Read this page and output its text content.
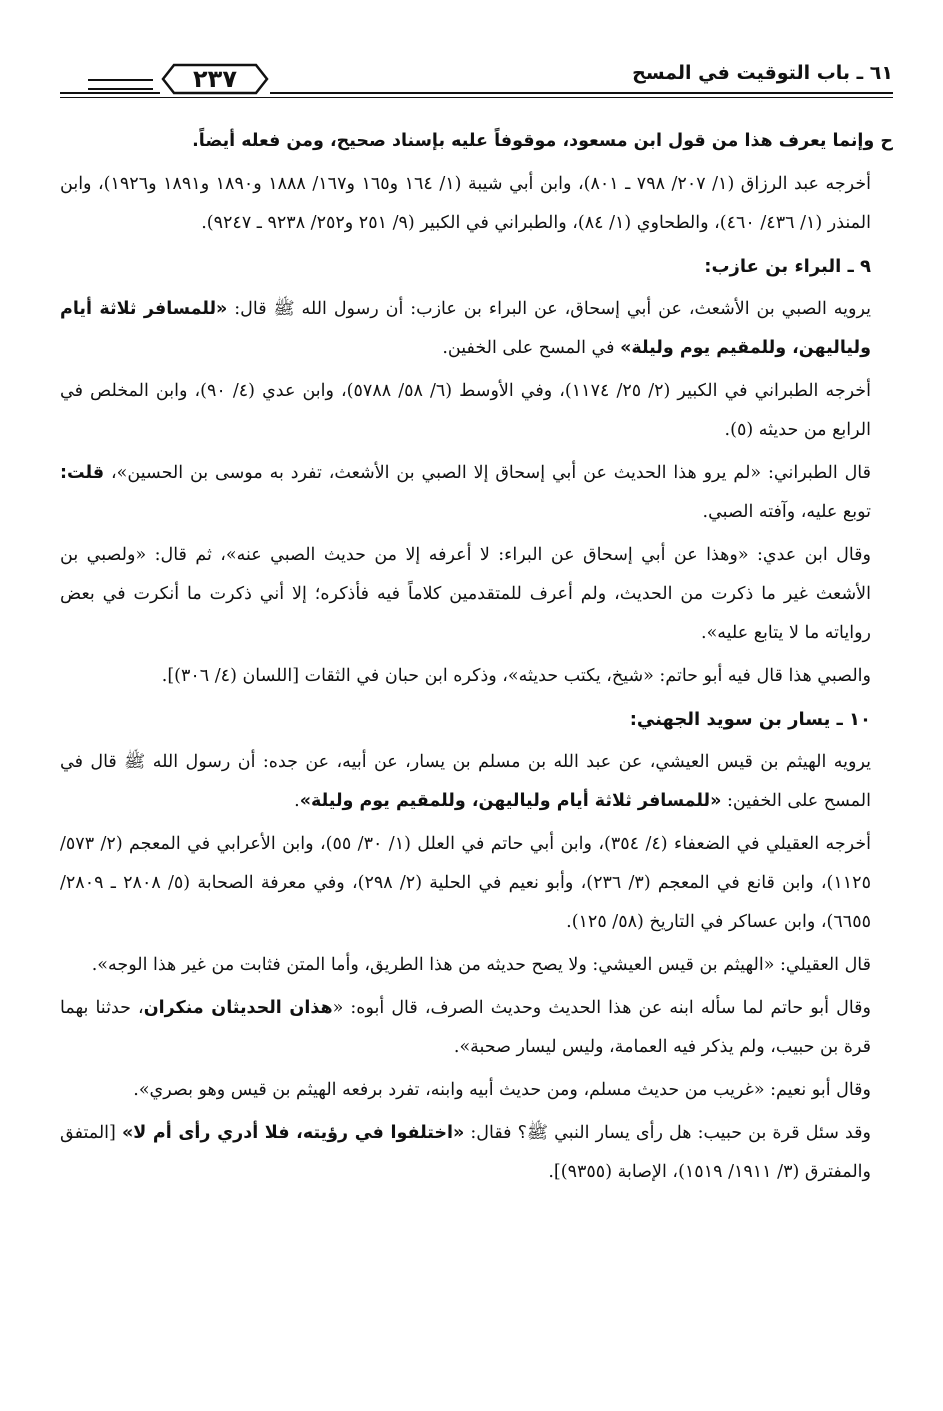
٦١ ـ باب التوقيت في المسح
٢٣٧

ح وإنما يعرف هذا من قول ابن مسعود، موقوفاً عليه بإسناد صحيح، ومن فعله أيضاً.

أخرجه عبد الرزاق (١/ ٢٠٧/ ٧٩٨ ـ ٨٠١)، وابن أبي شيبة (١/ ١٦٤ و١٦٥ و١٦٧/ ١٨٨٨ و١٨٩٠ و١٨٩١ و١٩٢٦)، وابن المنذر (١/ ٤٣٦/ ٤٦٠)، والطحاوي (١/ ٨٤)، والطبراني في الكبير (٩/ ٢٥١ و٢٥٢/ ٩٢٣٨ ـ ٩٢٤٧).

٩ ـ البراء بن عازب:

يرويه الصبي بن الأشعث، عن أبي إسحاق، عن البراء بن عازب: أن رسول الله ﷺ قال: «للمسافر ثلاثة أيام ولياليهن، وللمقيم يوم وليلة» في المسح على الخفين.

أخرجه الطبراني في الكبير (٢/ ٢٥/ ١١٧٤)، وفي الأوسط (٦/ ٥٨/ ٥٧٨٨)، وابن عدي (٤/ ٩٠)، وابن المخلص في الرابع من حديثه (٥).

قال الطبراني: «لم يرو هذا الحديث عن أبي إسحاق إلا الصبي بن الأشعث، تفرد به موسى بن الحسين»، قلت: توبع عليه، وآفته الصبي.

وقال ابن عدي: «وهذا عن أبي إسحاق عن البراء: لا أعرفه إلا من حديث الصبي عنه»، ثم قال: «ولصبي بن الأشعث غير ما ذكرت من الحديث، ولم أعرف للمتقدمين كلاماً فيه فأذكره؛ إلا أني ذكرت ما أنكرت في بعض رواياته ما لا يتابع عليه».

والصبي هذا قال فيه أبو حاتم: «شيخ، يكتب حديثه»، وذكره ابن حبان في الثقات [اللسان (٤/ ٣٠٦)].

١٠ ـ يسار بن سويد الجهني:

يرويه الهيثم بن قيس العيشي، عن عبد الله بن مسلم بن يسار، عن أبيه، عن جده: أن رسول الله ﷺ قال في المسح على الخفين: «للمسافر ثلاثة أيام ولياليهن، وللمقيم يوم وليلة».

أخرجه العقيلي في الضعفاء (٤/ ٣٥٤)، وابن أبي حاتم في العلل (١/ ٣٠/ ٥٥)، وابن الأعرابي في المعجم (٢/ ٥٧٣/ ١١٢٥)، وابن قانع في المعجم (٣/ ٢٣٦)، وأبو نعيم في الحلية (٢/ ٢٩٨)، وفي معرفة الصحابة (٥/ ٢٨٠٨ ـ ٢٨٠٩/ ٦٦٥٥)، وابن عساكر في التاريخ (٥٨/ ١٢٥).

قال العقيلي: «الهيثم بن قيس العيشي: ولا يصح حديثه من هذا الطريق، وأما المتن فثابت من غير هذا الوجه».

وقال أبو حاتم لما سأله ابنه عن هذا الحديث وحديث الصرف، قال أبوه: «هذان الحديثان منكران، حدثنا بهما قرة بن حبيب، ولم يذكر فيه العمامة، وليس ليسار صحبة».

وقال أبو نعيم: «غريب من حديث مسلم، ومن حديث أبيه وابنه، تفرد برفعه الهيثم بن قيس وهو بصري».

وقد سئل قرة بن حبيب: هل رأى يسار النبي ﷺ؟ فقال: «اختلفوا في رؤيته، فلا أدري رأى أم لا» [المتفق والمفترق (٣/ ١٩١١/ ١٥١٩)، الإصابة (٩٣٥٥)].
